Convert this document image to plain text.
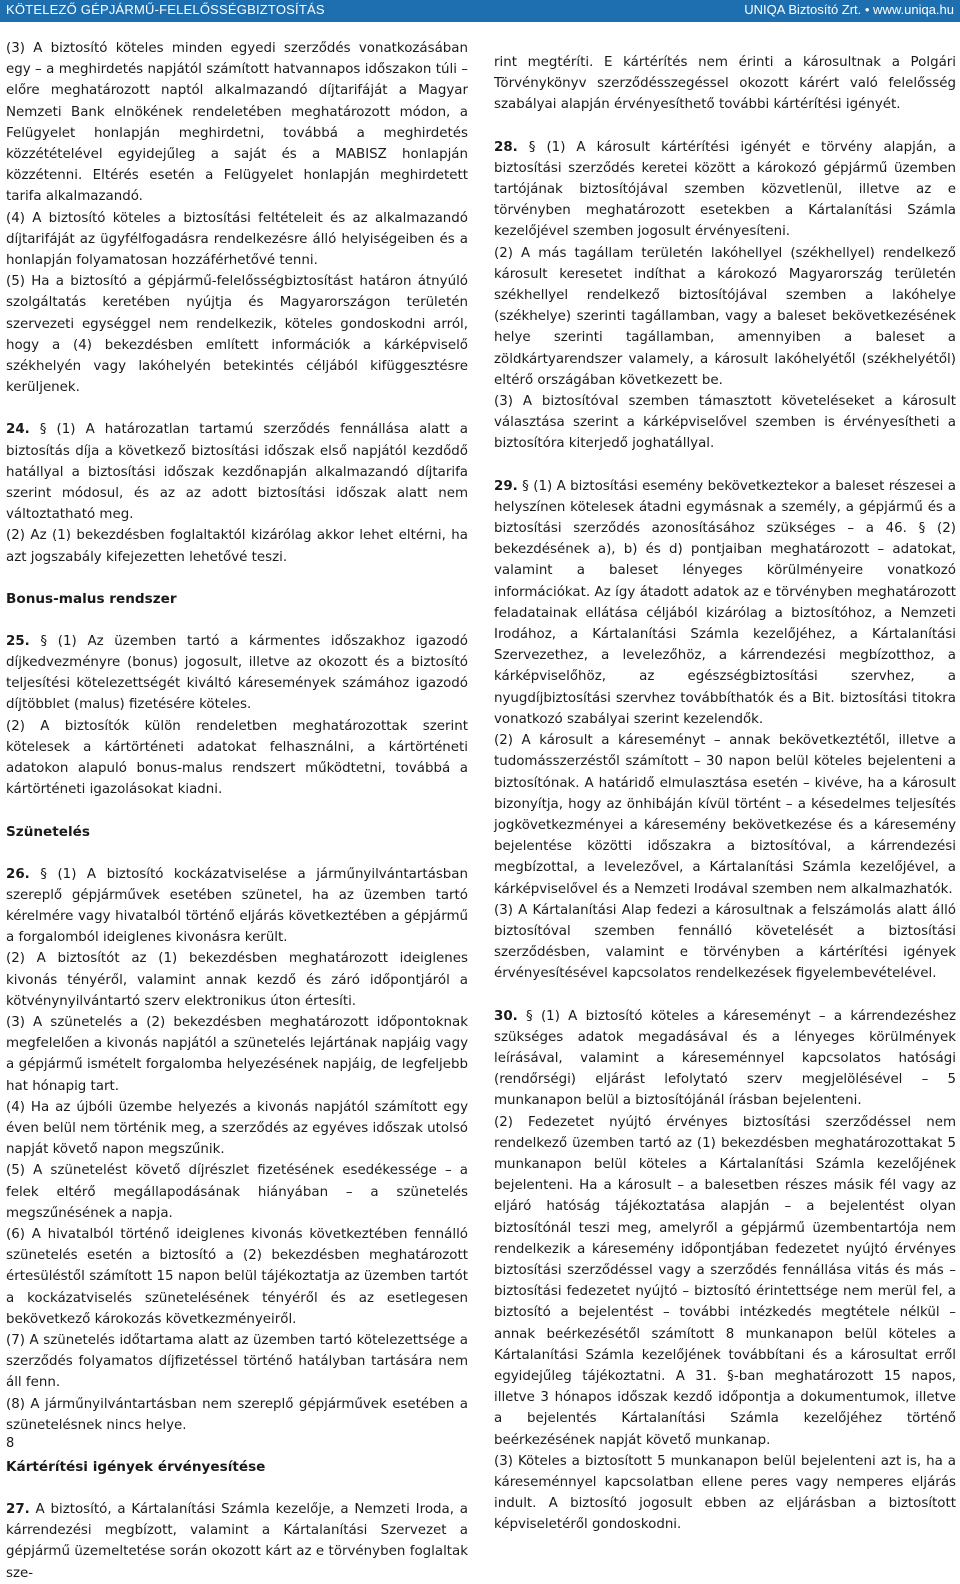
KÖTELEZŐ GÉPJÁRMŰ-FELELŐSSÉGBIZTOSÍTÁS	UNIQA Biztosító Zrt. • www.uniqa.hu

(3) A biztosító köteles minden egyedi szerződés vonatkozásában egy – a meghirdetés napjától számított hatvannapos időszakon túli – előre meghatározott naptól alkalmazandó díjtarifáját a Magyar Nemzeti Bank elnökének rendeletében meghatározott módon, a Felügyelet honlapján meghirdetni, továbbá a meghirdetés közzétételével egyidejűleg a saját és a MABISZ honlapján közzétenni. Eltérés esetén a Felügyelet honlapján meghirdetett tarifa alkalmazandó.

(4) A biztosító köteles a biztosítási feltételeit és az alkalmazandó díjtarifáját az ügyfélfogadásra rendelkezésre álló helyiségeiben és a honlapján folyamatosan hozzáférhetővé tenni.

(5) Ha a biztosító a gépjármű-felelősségbiztosítást határon átnyúló szolgáltatás keretében nyújtja és Magyarországon területén szervezeti egységgel nem rendelkezik, köteles gondoskodni arról, hogy a (4) bekezdésben említett információk a kárképviselő székhelyén vagy lakóhelyén betekintés céljából kifüggesztésre kerüljenek.

24. § (1) A határozatlan tartamú szerződés fennállása alatt a biztosítás díja a következő biztosítási időszak első napjától kezdődő hatállyal a biztosítási időszak kezdőnapján alkalmazandó díjtarifa szerint módosul, és az az adott biztosítási időszak alatt nem változtatható meg.

(2) Az (1) bekezdésben foglaltaktól kizárólag akkor lehet eltérni, ha azt jogszabály kifejezetten lehetővé teszi.

Bonus-malus rendszer

25. § (1) Az üzemben tartó a kármentes időszakhoz igazodó díjkedvezményre (bonus) jogosult, illetve az okozott és a biztosító teljesítési kötelezettségét kiváltó káresemények számához igazodó díjtöbblet (malus) fizetésére köteles.

(2) A biztosítók külön rendeletben meghatározottak szerint kötelesek a kártörténeti adatokat felhasználni, a kártörténeti adatokon alapuló bonus-malus rendszert működtetni, továbbá a kártörténeti igazolásokat kiadni.

Szünetelés

26. § (1) A biztosító kockázatviselése a járműnyilvántartásban szereplő gépjárművek esetében szünetel, ha az üzemben tartó kérelmére vagy hivatalból történő eljárás következtében a gépjármű a forgalomból ideiglenes kivonásra került.

(2) A biztosítót az (1) bekezdésben meghatározott ideiglenes kivonás tényéről, valamint annak kezdő és záró időpontjáról a kötvénynyilvántartó szerv elektronikus úton értesíti.

(3) A szünetelés a (2) bekezdésben meghatározott időpontoknak megfelelően a kivonás napjától a szünetelés lejártának napjáig vagy a gépjármű ismételt forgalomba helyezésének napjáig, de legfeljebb hat hónapig tart.

(4) Ha az újbóli üzembe helyezés a kivonás napjától számított egy éven belül nem történik meg, a szerződés az egyéves időszak utolsó napját követő napon megszűnik.

(5) A szünetelést követő díjrészlet fizetésének esedékessége – a felek eltérő megállapodásának hiányában – a szünetelés megszűnésének a napja.

(6) A hivatalból történő ideiglenes kivonás következtében fennálló szünetelés esetén a biztosító a (2) bekezdésben meghatározott értesüléstől számított 15 napon belül tájékoztatja az üzemben tartót a kockázatviselés szünetelésének tényéről és az esetlegesen bekövetkező károkozás következményeiről.

(7) A szünetelés időtartama alatt az üzemben tartó kötelezettsége a szerződés folyamatos díjfizetéssel történő hatályban tartására nem áll fenn.

(8) A járműnyilvántartásban nem szereplő gépjárművek esetében a szünetelésnek nincs helye.

Kártérítési igények érvényesítése

27. A biztosító, a Kártalanítási Számla kezelője, a Nemzeti Iroda, a kárrendezési megbízott, valamint a Kártalanítási Szervezet a gépjármű üzemeltetése során okozott kárt az e törvényben foglaltak sze-

rint megtéríti. E kártérítés nem érinti a károsultnak a Polgári Törvénykönyv szerződésszegéssel okozott kárért való felelősség szabályai alapján érvényesíthető további kártérítési igényét.

28. § (1) A károsult kártérítési igényét e törvény alapján, a biztosítási szerződés keretei között a károkozó gépjármű üzemben tartójának biztosítójával szemben közvetlenül, illetve az e törvényben meghatározott esetekben a Kártalanítási Számla kezelőjével szemben jogosult érvényesíteni.

(2) A más tagállam területén lakóhellyel (székhellyel) rendelkező károsult keresetet indíthat a károkozó Magyarország területén székhellyel rendelkező biztosítójával szemben a lakóhelye (székhelye) szerinti tagállamban, vagy a baleset bekövetkezésének helye szerinti tagállamban, amennyiben a baleset a zöldkártyarendszer valamely, a károsult lakóhelyétől (székhelyétől) eltérő országában következett be.

(3) A biztosítóval szemben támasztott követeléseket a károsult választása szerint a kárképviselővel szemben is érvényesítheti a biztosítóra kiterjedő joghatállyal.

29. § (1) A biztosítási esemény bekövetkeztekor a baleset részesei a helyszínen kötelesek átadni egymásnak a személy, a gépjármű és a biztosítási szerződés azonosításához szükséges – a 46. § (2) bekezdésének a), b) és d) pontjaiban meghatározott – adatokat, valamint a baleset lényeges körülményeire vonatkozó információkat. Az így átadott adatok az e törvényben meghatározott feladatainak ellátása céljából kizárólag a biztosítóhoz, a Nemzeti Irodához, a Kártalanítási Számla kezelőjéhez, a Kártalanítási Szervezethez, a levelezőhöz, a kárrendezési megbízotthoz, a kárképviselőhöz, az egészségbiztosítási szervhez, a nyugdíjbiztosítási szervhez továbbíthatók és a Bit. biztosítási titokra vonatkozó szabályai szerint kezelendők.

(2) A károsult a káreseményt – annak bekövetkeztétől, illetve a tudomásszerzéstől számított – 30 napon belül köteles bejelenteni a biztosítónak. A határidő elmulasztása esetén – kivéve, ha a károsult bizonyítja, hogy az önhibáján kívül történt – a késedelmes teljesítés jogkövetkezményei a káresemény bekövetkezése és a káresemény bejelentése közötti időszakra a biztosítóval, a kárrendezési megbízottal, a levelezővel, a Kártalanítási Számla kezelőjével, a kárképviselővel és a Nemzeti Irodával szemben nem alkalmazhatók.

(3) A Kártalanítási Alap fedezi a károsultnak a felszámolás alatt álló biztosítóval szemben fennálló követelését a biztosítási szerződésben, valamint e törvényben a kártérítési igények érvényesítésével kapcsolatos rendelkezések figyelembevételével.

30. § (1) A biztosító köteles a káreseményt – a kárrendezéshez szükséges adatok megadásával és a lényeges körülmények leírásával, valamint a káreseménnyel kapcsolatos hatósági (rendőrségi) eljárást lefolytató szerv megjelölésével – 5 munkanapon belül a biztosítójánál írásban bejelenteni.

(2) Fedezetet nyújtó érvényes biztosítási szerződéssel nem rendelkező üzemben tartó az (1) bekezdésben meghatározottakat 5 munkanapon belül köteles a Kártalanítási Számla kezelőjének bejelenteni. Ha a károsult – a balesetben részes másik fél vagy az eljáró hatóság tájékoztatása alapján – a bejelentést olyan biztosítónál teszi meg, amelyről a gépjármű üzembentartója nem rendelkezik a káresemény időpontjában fedezetet nyújtó érvényes biztosítási szerződéssel vagy a szerződés fennállása vitás és más – biztosítási fedezetet nyújtó – biztosító érintettsége nem merül fel, a biztosító a bejelentést – további intézkedés megtétele nélkül – annak beérkezésétől számított 8 munkanapon belül köteles a Kártalanítási Számla kezelőjének továbbítani és a károsultat erről egyidejűleg tájékoztatni. A 31. §-ban meghatározott 15 napos, illetve 3 hónapos időszak kezdő időpontja a dokumentumok, illetve a bejelentés Kártalanítási Számla kezelőjéhez történő beérkezésének napját követő munkanap.

(3) Köteles a biztosított 5 munkanapon belül bejelenteni azt is, ha a káreseménnyel kapcsolatban ellene peres vagy nemperes eljárás indult. A biztosító jogosult ebben az eljárásban a biztosított képviseletéről gondoskodni.

8
